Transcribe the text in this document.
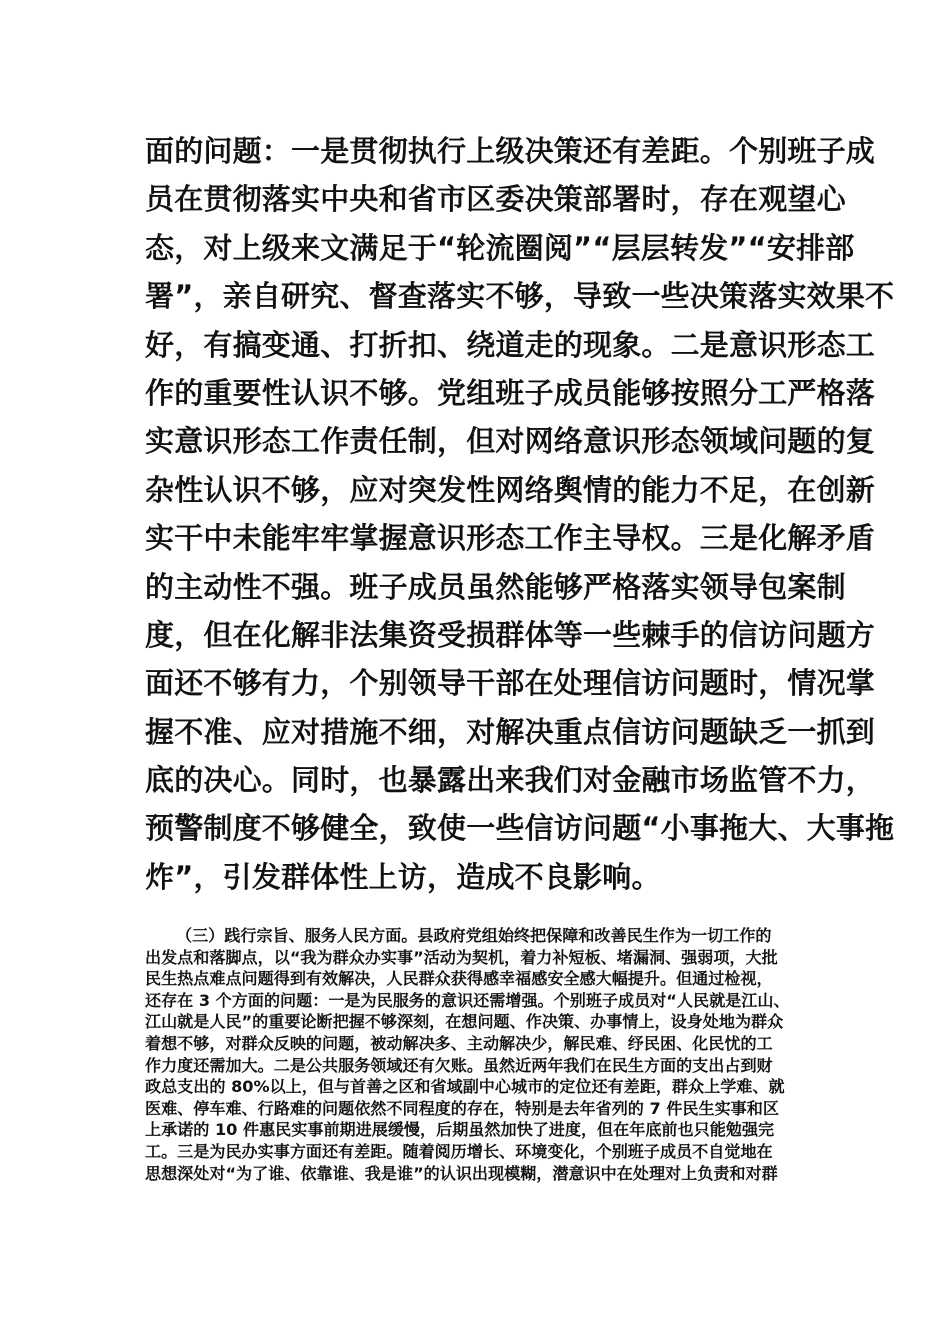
面的问题：一是贯彻执行上级决策还有差距。个别班子成
员在贯彻落实中央和省市区委决策部署时，存在观望心
态，对上级来文满足于“轮流圈阅”“层层转发”“安排部
署”，亲自研究、督查落实不够，导致一些决策落实效果不
好，有搞变通、打折扣、绕道走的现象。二是意识形态工
作的重要性认识不够。党组班子成员能够按照分工严格落
实意识形态工作责任制，但对网络意识形态领域问题的复
杂性认识不够，应对突发性网络舆情的能力不足，在创新
实干中未能牢牢掌握意识形态工作主导权。三是化解矛盾
的主动性不强。班子成员虽然能够严格落实领导包案制
度，但在化解非法集资受损群体等一些棘手的信访问题方
面还不够有力，个别领导干部在处理信访问题时，情况掌
握不准、应对措施不细，对解决重点信访问题缺乏一抓到
底的决心。同时，也暴露出来我们对金融市场监管不力，
预警制度不够健全，致使一些信访问题“小事拖大、大事拖
炸”，引发群体性上访，造成不良影响。
（三）践行宗旨、服务人民方面。县政府党组始终把保障和改善民生作为一切工作的
出发点和落脚点，以“我为群众办实事”活动为契机，着力补短板、堵漏洞、强弱项，大批
民生热点难点问题得到有效解决，人民群众获得感幸福感安全感大幅提升。但通过检视，
还存在 3 个方面的问题：一是为民服务的意识还需增强。个别班子成员对“人民就是江山、
江山就是人民”的重要论断把握不够深刻，在想问题、作决策、办事情上，设身处地为群众
着想不够，对群众反映的问题，被动解决多、主动解决少，解民难、纾民困、化民忧的工
作力度还需加大。二是公共服务领域还有欠账。虽然近两年我们在民生方面的支出占到财
政总支出的 80%以上，但与首善之区和省域副中心城市的定位还有差距，群众上学难、就
医难、停车难、行路难的问题依然不同程度的存在，特别是去年省列的 7 件民生实事和区
上承诺的 10 件惠民实事前期进展缓慢，后期虽然加快了进度，但在年底前也只能勉强完
工。三是为民办实事方面还有差距。随着阅历增长、环境变化，个别班子成员不自觉地在
思想深处对“为了谁、依靠谁、我是谁”的认识出现模糊，潜意识中在处理对上负责和对群
